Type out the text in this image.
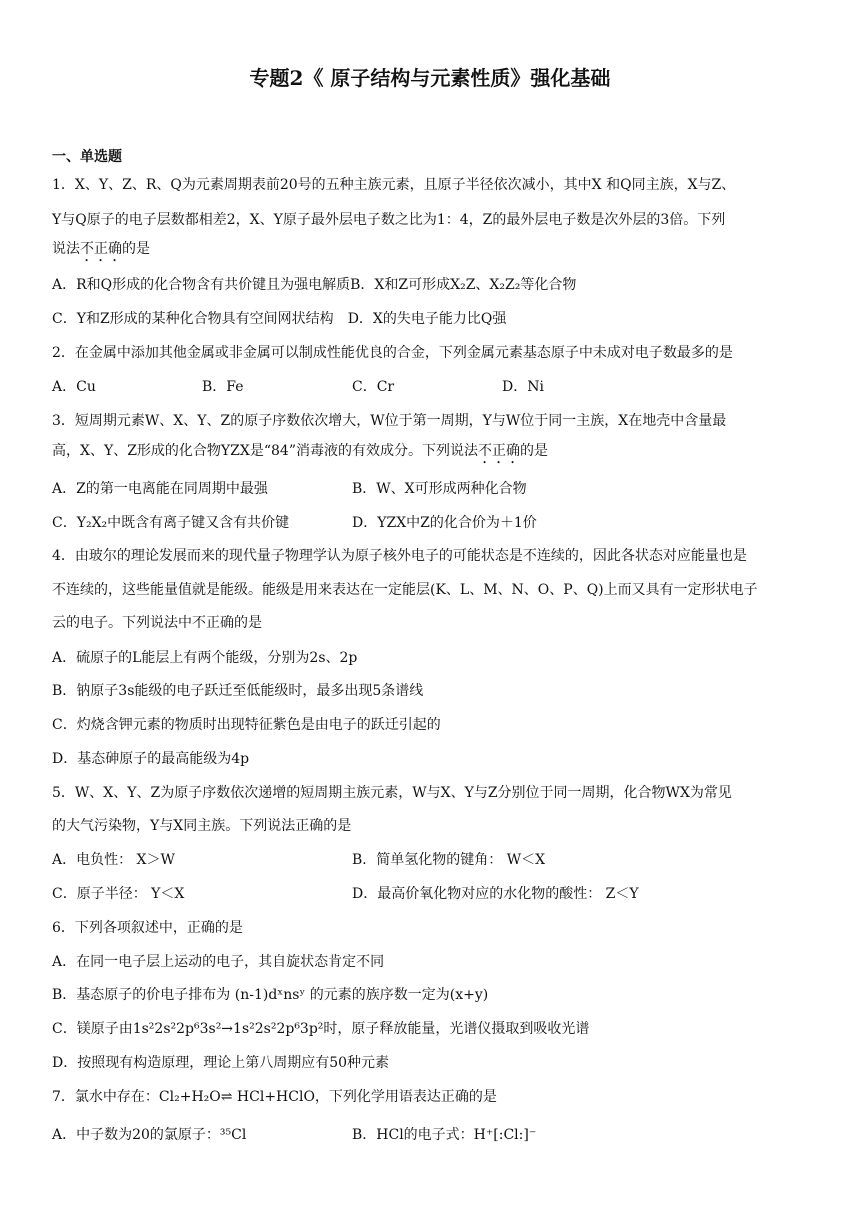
专题2《 原子结构与元素性质》强化基础
一、单选题
1．X、Y、Z、R、Q为元素周期表前20号的五种主族元素，且原子半径依次减小，其中X 和Q同主族，X与Z、
Y与Q原子的电子层数都相差2，X、Y原子最外层电子数之比为1：4，Z的最外层电子数是次外层的3倍。下列
说法不正确的是
A．R和Q形成的化合物含有共价键且为强电解质B．X和Z可形成X₂Z、X₂Z₂等化合物
C．Y和Z形成的某种化合物具有空间网状结构 D．X的失电子能力比Q强
2．在金属中添加其他金属或非金属可以制成性能优良的合金，下列金属元素基态原子中未成对电子数最多的是
A．Cu	B．Fe	C．Cr	D．Ni
3．短周期元素W、X、Y、Z的原子序数依次增大，W位于第一周期，Y与W位于同一主族，X在地壳中含量最
高，X、Y、Z形成的化合物YZX是“84”消毒液的有效成分。下列说法不正确的是
A．Z的第一电离能在同周期中最强	B．W、X可形成两种化合物
C．Y₂X₂中既含有离子键又含有共价键	D．YZX中Z的化合价为＋1价
4．由玻尔的理论发展而来的现代量子物理学认为原子核外电子的可能状态是不连续的，因此各状态对应能量也是
不连续的，这些能量值就是能级。能级是用来表达在一定能层(K、L、M、N、O、P、Q)上而又具有一定形状电子
云的电子。下列说法中不正确的是
A．硫原子的L能层上有两个能级，分别为2s、2p
B．钠原子3s能级的电子跃迁至低能级时，最多出现5条谱线
C．灼烧含钾元素的物质时出现特征紫色是由电子的跃迁引起的
D．基态砷原子的最高能级为4p
5．W、X、Y、Z为原子序数依次递增的短周期主族元素，W与X、Y与Z分别位于同一周期，化合物WX为常见
的大气污染物，Y与X同主族。下列说法正确的是
A．电负性： X＞W	B．简单氢化物的键角： W＜X
C．原子半径： Y＜X	D．最高价氧化物对应的水化物的酸性： Z＜Y
6．下列各项叙述中，正确的是
A．在同一电子层上运动的电子，其自旋状态肯定不同
B．基态原子的价电子排布为 (n-1)dˣnsʸ 的元素的族序数一定为(x+y)
C．镁原子由1s²2s²2p⁶3s²→1s²2s²2p⁶3p²时，原子释放能量，光谱仪摄取到吸收光谱
D．按照现有构造原理，理论上第八周期应有50种元素
7．氯水中存在：Cl₂+H₂O⇌ HCl+HClO，下列化学用语表达正确的是
A．中子数为20的氯原子：³⁵Cl	B．HCl的电子式：H⁺[:Cl:]⁻
